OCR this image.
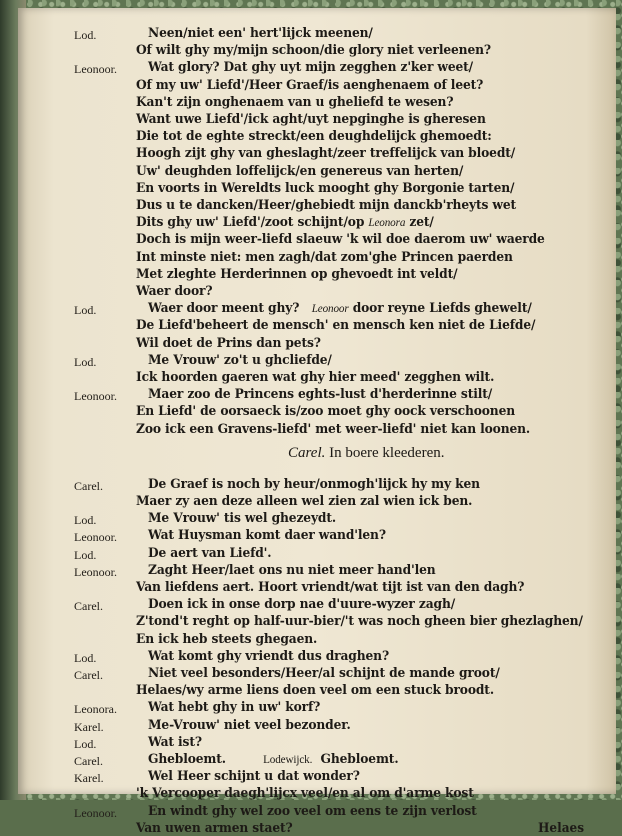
Lod.	Neen/niet een' hert'lijck meenen/
Of wilt ghy my/mijn schoon/die glory niet verleenen?
Leonoor. Wat glory? Dat ghy uyt mijn zegghen z'ker weet/
Of my uw' Liefd'/Heer Graef/is aenghenaem of leet?
Kan't zijn onghenaem van u gheliefd te wesen?
Want uwe Liefd'/ick aght/uyt nepginghe is gheresen
Die tot de eghte streckt/een deughdelijck ghemoedt:
Hoogh zijt ghy van gheslaght/zeer treffelijck van bloedt/
Uw' deughden loffelijck/en genereus van herten/
En voorts in Wereldts luck mooght ghy Borgonie tarten/
Dus u te dancken/Heer/ghebiedt mijn danckb'rheyts wet
Dits ghy uw' Liefd'/zoot schijnt/op Leonora zet/
Doch is mijn weer-liefd slaeuw 'k wil doe daerom uw' waerde
Int minste niet: men zagh/dat zom'ghe Princen paerden
Met zleghte Herderinnen op ghevoedt int veldt/
Waer door?
Lod.	Waer door meent ghy? Leonoor door reyne Liefds ghewelt/
De Liefd'beheert de mensch' en mensch ken niet de Liefde/
Wil doet de Prins dan pets?
Lod.	Me Vrouw' zo't u ghcliefde/
Ick hoorden gaeren wat ghy hier meed' zegghen wilt.
Leonoor. Maer zoo de Princens eghts-lust d'herderinne stilt/
En Liefd' de oorsaeck is/zoo moet ghy oock verschoonen
Zoo ick een Gravens-liefd' met weer-liefd' niet kan loonen.
Carel. In boere kleederen.
Carel.	De Graef is noch by heur/onmogh'lijck hy my ken
Maer zy aen deze alleen wel zien zal wien ick ben.
Lod.	Me Vrouw' tis wel ghezeydt.
Leonoor. Wat Huysman komt daer wand'len?
Lod.	De aert van Liefd'.
Leonoor. Zaght Heer/laet ons nu niet meer hand'len
Van liefdens aert. Hoort vriendt/wat tijt ist van den dagh?
Carel.	Doen ick in onse dorp nae d'uure-wyzer zagh/
Z'tond't reght op half-uur-bier/'t was noch gheen bier ghezlaghen/
En ick heb steets ghegaen.
Lod.	Wat komt ghy vriendt dus draghen?
Carel.	Niet veel besonders/Heer/al schijnt de mande groot/
Helaes/wy arme liens doen veel om een stuck broodt.
Leonora. Wat hebt ghy in uw' korf?
Karel.	Me-Vrouw' niet veel bezonder.
Lod.	Wat ist?
Carel.	Ghebloemt.	Lodewijck. Ghebloemt.
Karel.	Wel Heer schijnt u dat wonder?
'k Vercooper daegh'lijcx veel/en al om d'arme kost
Leonoor. En windt ghy wel zoo veel om eens te zijn verlost
Van uwen armen staet?	Helaes
